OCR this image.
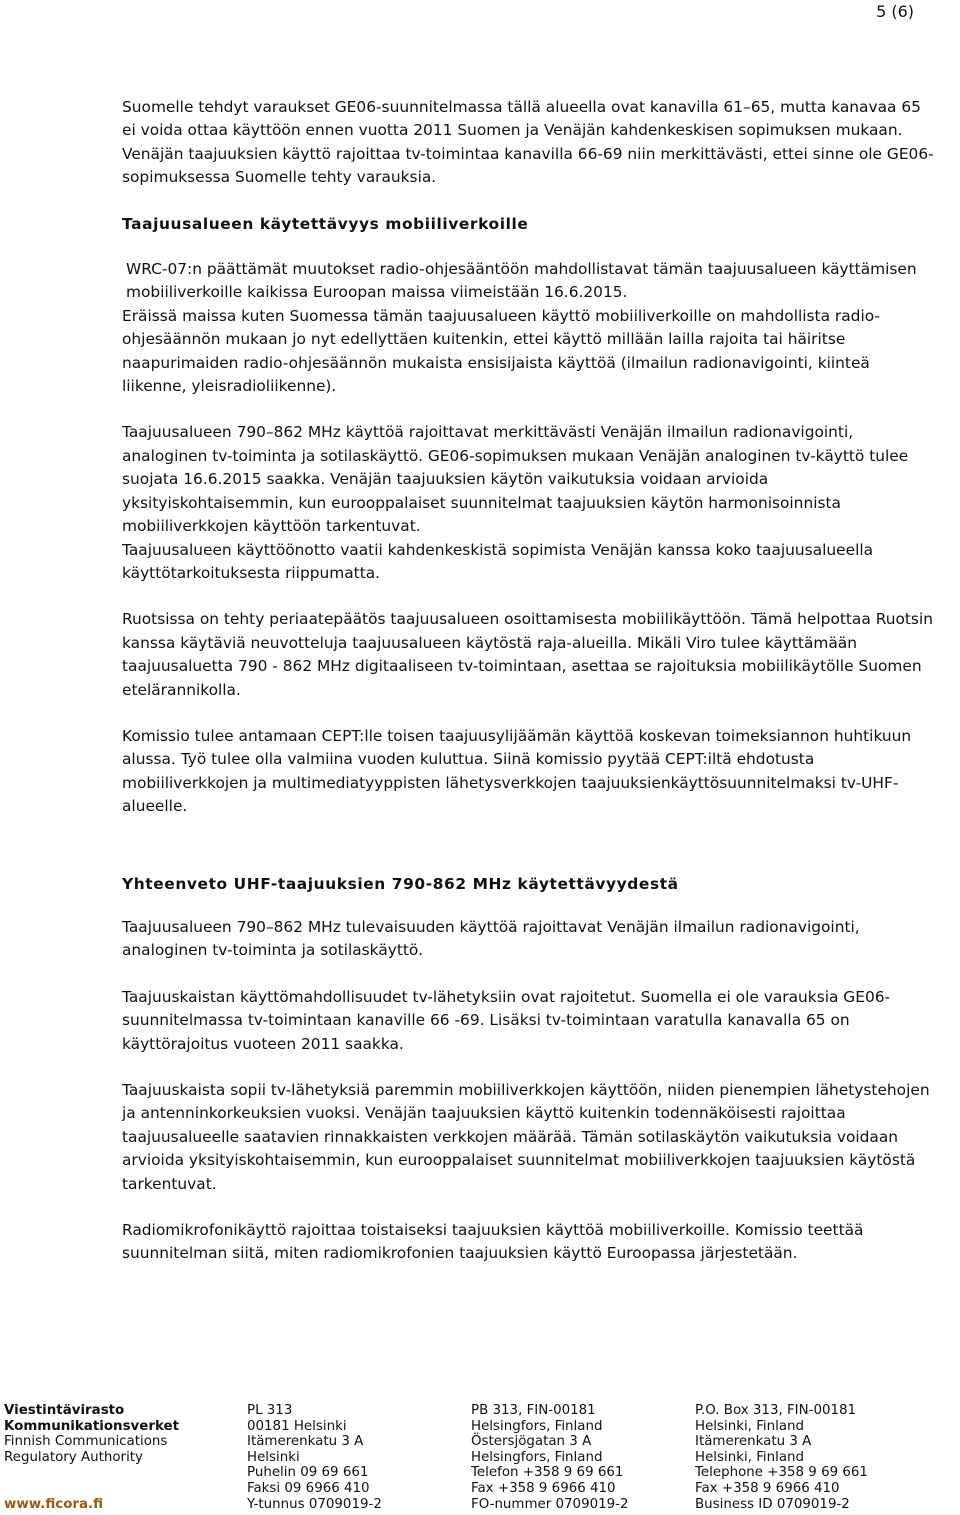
5 (6)

Suomelle tehdyt varaukset GE06-suunnitelmassa tällä alueella ovat kanavilla 61–65, mutta kanavaa 65 ei voida ottaa käyttöön ennen vuotta 2011 Suomen ja Venäjän kahdenkeskisen sopimuksen mukaan. Venäjän taajuuksien käyttö rajoittaa tv-toimintaa kanavilla 66-69 niin merkittävästi, ettei sinne ole GE06-sopimuksessa Suomelle tehty varauksia.

Taajuusalueen käytettävyys mobiiliverkoille

WRC-07:n päättämät muutokset radio-ohjesääntöön mahdollistavat tämän taajuusalueen käyttämisen mobiiliverkoille kaikissa Euroopan maissa viimeistään 16.6.2015.

Eräissä maissa kuten Suomessa tämän taajuusalueen käyttö mobiiliverkoille on mahdollista radio-ohjesäännön mukaan jo nyt edellyttäen kuitenkin, ettei käyttö millään lailla rajoita tai häiritse naapurimaiden radio-ohjesäännön mukaista ensisijaista käyttöä (ilmailun radionavigointi, kiinteä liikenne, yleisradioliikenne).

Taajuusalueen 790–862 MHz käyttöä rajoittavat merkittävästi Venäjän ilmailun radionavigointi, analoginen tv-toiminta ja sotilaskäyttö. GE06-sopimuksen mukaan Venäjän analoginen tv-käyttö tulee suojata 16.6.2015 saakka. Venäjän taajuuksien käytön vaikutuksia voidaan arvioida yksityiskohtaisemmin, kun eurooppalaiset suunnitelmat taajuuksien käytön harmonisoinnista mobiiliverkkojen käyttöön tarkentuvat.

Taajuusalueen käyttöönotto vaatii kahdenkeskistä sopimista Venäjän kanssa koko taajuusalueella käyttötarkoituksesta riippumatta.

Ruotsissa on tehty periaatepäätös taajuusalueen osoittamisesta mobiilikäyttöön. Tämä helpottaa Ruotsin kanssa käytäviä neuvotteluja taajuusalueen käytöstä raja-alueilla. Mikäli Viro tulee käyttämään taajuusaluetta 790 - 862 MHz digitaaliseen tv-toimintaan, asettaa se rajoituksia mobiilikäytölle Suomen etelärannikolla.

Komissio tulee antamaan CEPT:lle toisen taajuusylijäämän käyttöä koskevan toimeksiannon huhtikuun alussa. Työ tulee olla valmiina vuoden kuluttua. Siinä komissio pyytää CEPT:iltä ehdotusta mobiiliverkkojen ja multimediatyyppisten lähetysverkkojen taajuuksienkäyttösuunnitelmaksi tv-UHF-alueelle.

Yhteenveto UHF-taajuuksien 790-862 MHz käytettävyydestä

Taajuusalueen 790–862 MHz tulevaisuuden käyttöä rajoittavat Venäjän ilmailun radionavigointi, analoginen tv-toiminta ja sotilaskäyttö.

Taajuuskaistan käyttömahdollisuudet tv-lähetyksiin ovat rajoitetut. Suomella ei ole varauksia GE06-suunnitelmassa tv-toimintaan kanaville 66 -69. Lisäksi tv-toimintaan varatulla kanavalla 65 on käyttörajoitus vuoteen 2011 saakka.

Taajuuskaista sopii tv-lähetyksiä paremmin mobiiliverkkojen käyttöön, niiden pienempien lähetystehojen ja antenninkorkeuksien vuoksi. Venäjän taajuuksien käyttö kuitenkin todennäköisesti rajoittaa taajuusalueelle saatavien rinnakkaisten verkkojen määrää. Tämän sotilaskäytön vaikutuksia voidaan arvioida yksityiskohtaisemmin, kun eurooppalaiset suunnitelmat mobiiliverkkojen taajuuksien käytöstä tarkentuvat.

Radiomikrofonikäyttö rajoittaa toistaiseksi taajuuksien käyttöä mobiiliverkoille. Komissio teettää suunnitelman siitä, miten radiomikrofonien taajuuksien käyttö Euroopassa järjestetään.

Viestintävirasto
Kommunikationsverket
Finnish Communications
Regulatory Authority
www.ficora.fi
PL 313
00181 Helsinki
Itämerenkatu 3 A
Helsinki
Puhelin 09 69 661
Faksi 09 6966 410
Y-tunnus 0709019-2
PB 313, FIN-00181
Helsingfors, Finland
Östersjögatan 3 A
Helsingfors, Finland
Telefon +358 9 69 661
Fax +358 9 6966 410
FO-nummer 0709019-2
P.O. Box 313, FIN-00181
Helsinki, Finland
Itämerenkatu 3 A
Helsinki, Finland
Telephone +358 9 69 661
Fax +358 9 6966 410
Business ID 0709019-2
